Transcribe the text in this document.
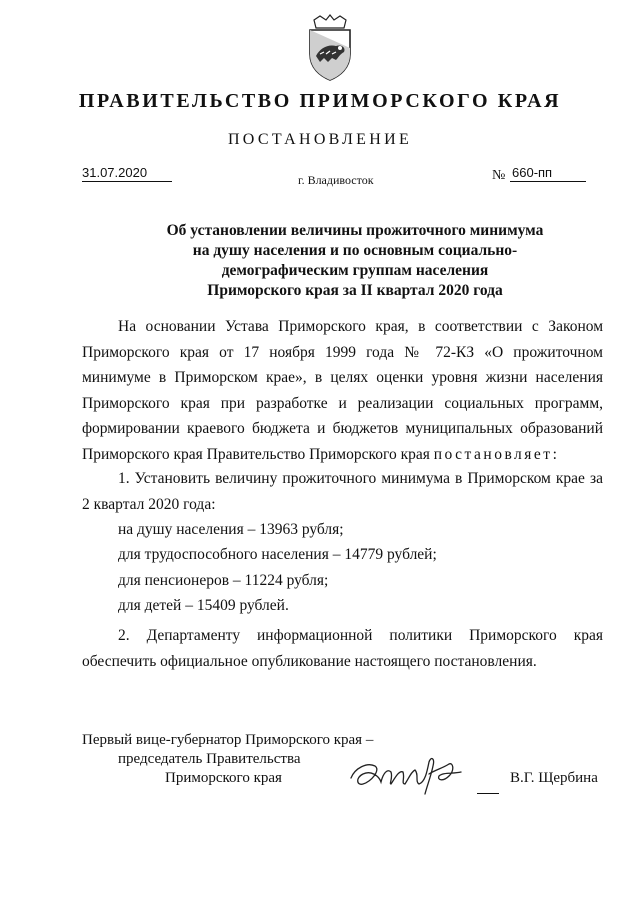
ПРАВИТЕЛЬСТВО ПРИМОРСКОГО КРАЯ
ПОСТАНОВЛЕНИЕ
31.07.2020	г. Владивосток	№ 660-пп
Об установлении величины прожиточного минимума
на душу населения и по основным социально-
демографическим группам населения
Приморского края за II квартал 2020 года
На основании Устава Приморского края, в соответствии с Законом Приморского края от 17 ноября 1999 года № 72-КЗ «О прожиточном минимуме в Приморском крае», в целях оценки уровня жизни населения Приморского края при разработке и реализации социальных программ, формировании краевого бюджета и бюджетов муниципальных образований Приморского края Правительство Приморского края постановляет:
1. Установить величину прожиточного минимума в Приморском крае за 2 квартал 2020 года:
на душу населения – 13963 рубля;
для трудоспособного населения – 14779 рублей;
для пенсионеров – 11224 рубля;
для детей – 15409 рублей.
2. Департаменту информационной политики Приморского края обеспечить официальное опубликование настоящего постановления.
Первый вице-губернатор Приморского края –
председатель Правительства
Приморского края	В.Г. Щербина
